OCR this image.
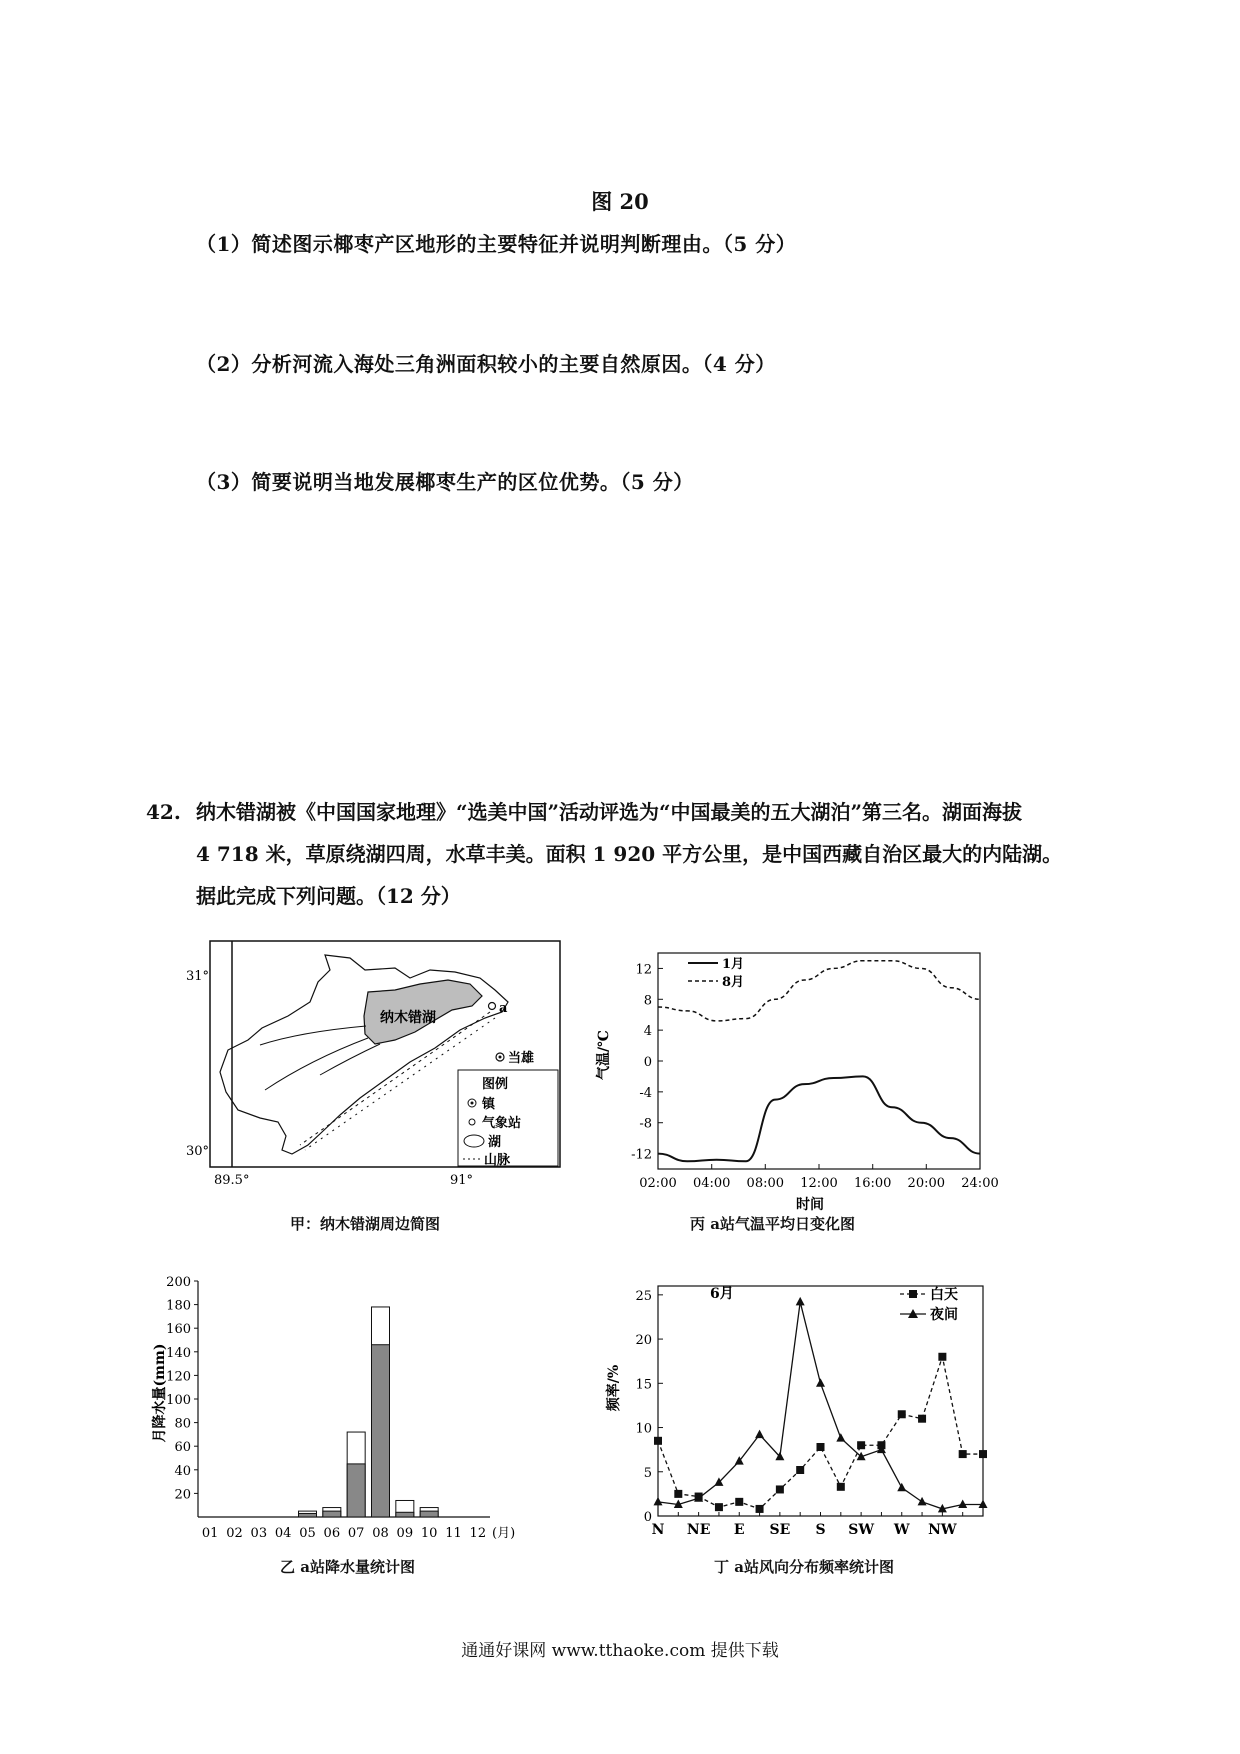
图 20
（1）简述图示椰枣产区地形的主要特征并说明判断理由。（5 分）
（2）分析河流入海处三角洲面积较小的主要自然原因。（4 分）
（3）简要说明当地发展椰枣生产的区位优势。（5 分）
42. 纳木错湖被《中国国家地理》“选美中国”活动评选为“中国最美的五大湖泊”第三名。湖面海拔
4 718 米，草原绕湖四周，水草丰美。面积 1 920 平方公里，是中国西藏自治区最大的内陆湖。
据此完成下列问题。（12 分）
纳木错湖
a
当雄
图例
镇
气象站
湖
山脉
31°
30°
89.5°	91°
甲：纳木错湖周边简图
12
8
4
0
-4
-8
-12
02:00 04:00 08:00 12:00 16:00 20:00 24:00
气温/℃
时间
1月
8月
丙 a站气温平均日变化图
20
40
60
80
100
120
140
160
180
200
01 02 03 04 05 06 07 08 09 10 11 12 (月)
月降水量(mm)
乙 a站降水量统计图
0
5
10
15
20
25
N NE E SE S SW W NW
频率/%
6月	白天
夜间
丁 a站风向分布频率统计图
通通好课网 www.tthaoke.com 提供下载
